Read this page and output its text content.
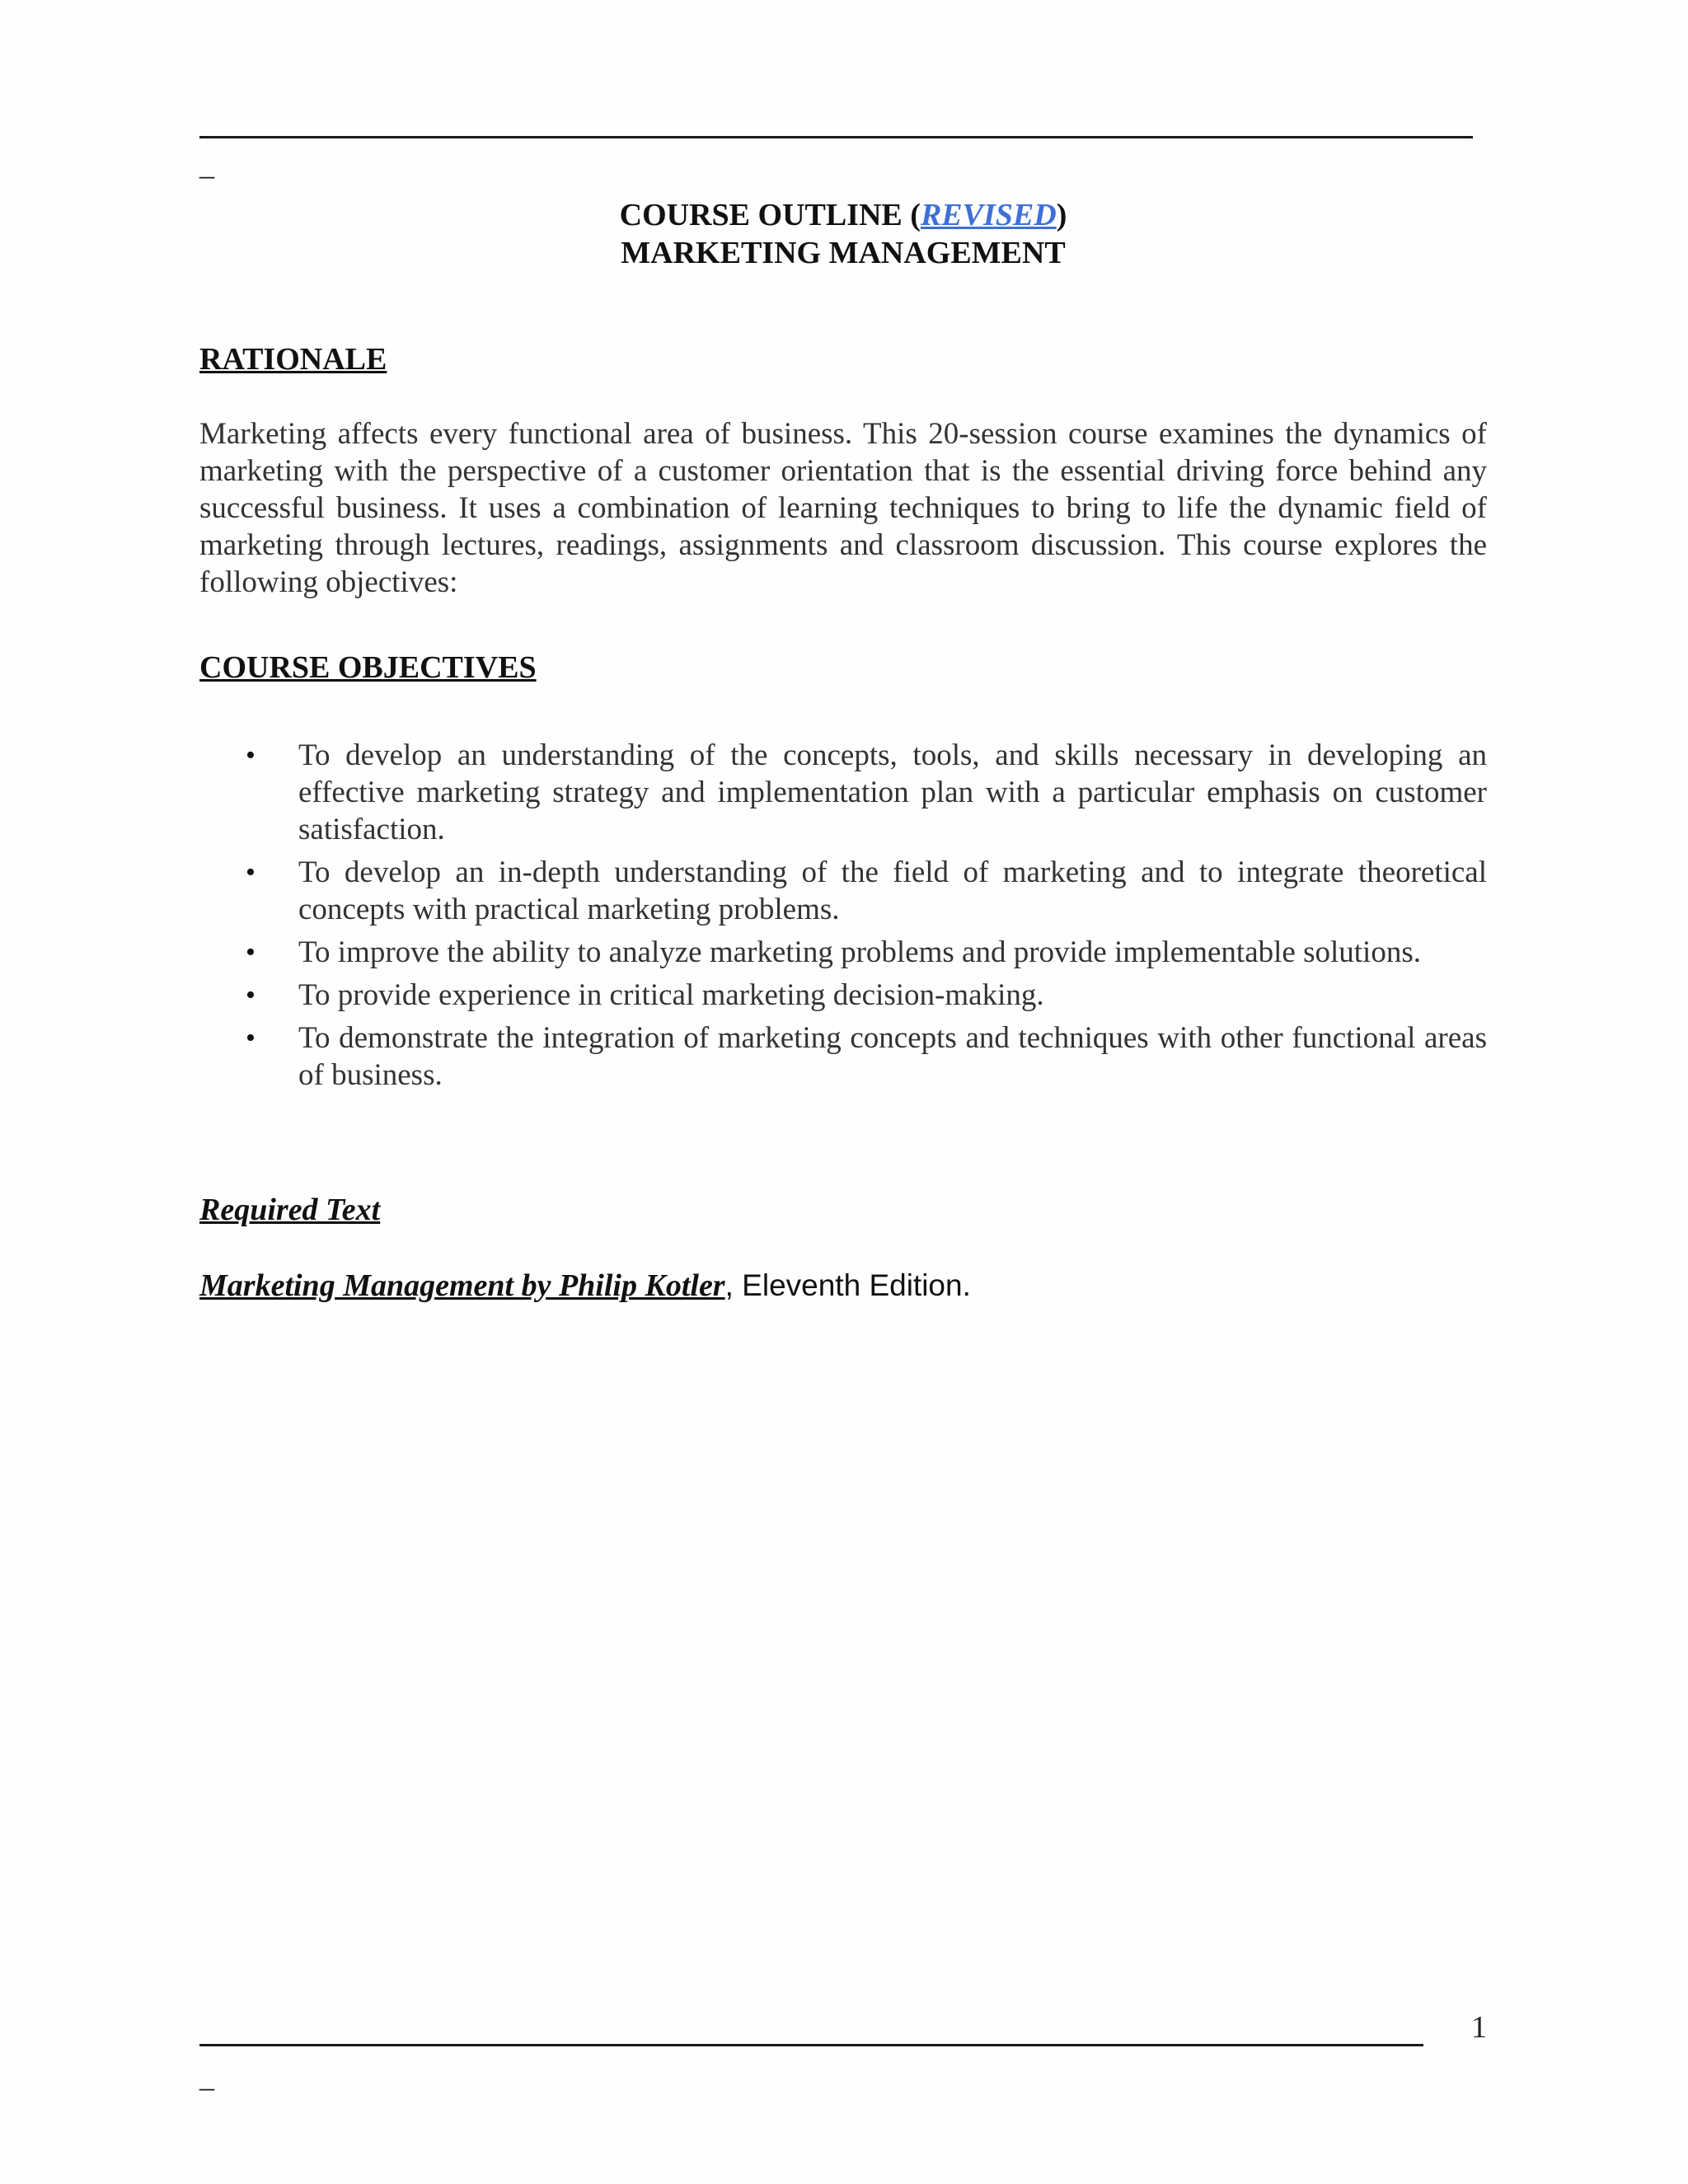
_
COURSE OUTLINE (REVISED)
MARKETING MANAGEMENT
RATIONALE
Marketing affects every functional area of business. This 20-session course examines the dynamics of marketing with the perspective of a customer orientation that is the essential driving force behind any successful business. It uses a combination of learning techniques to bring to life the dynamic field of marketing through lectures, readings, assignments and classroom discussion. This course explores the following objectives:
COURSE OBJECTIVES
• To develop an understanding of the concepts, tools, and skills necessary in developing an effective marketing strategy and implementation plan with a particular emphasis on customer satisfaction.
• To develop an in-depth understanding of the field of marketing and to integrate theoretical concepts with practical marketing problems.
• To improve the ability to analyze marketing problems and provide implementable solutions.
• To provide experience in critical marketing decision-making.
• To demonstrate the integration of marketing concepts and techniques with other functional areas of business.
Required Text
Marketing Management by Philip Kotler, Eleventh Edition.
1
_
